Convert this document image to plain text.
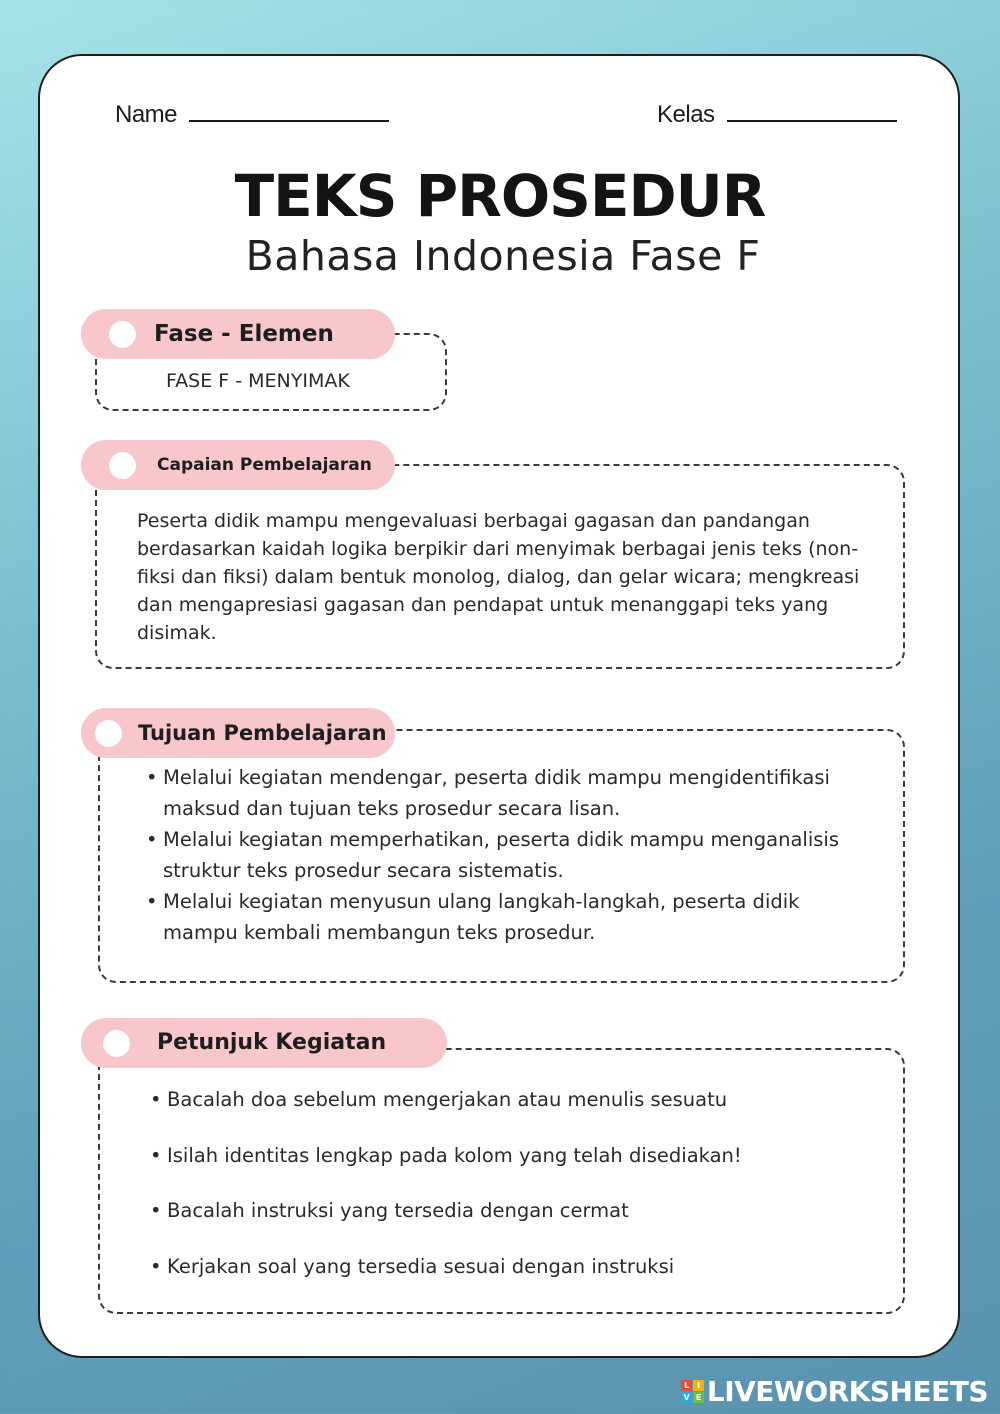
Name	Kelas
TEKS PROSEDUR
Bahasa Indonesia Fase F
Fase - Elemen
FASE F - MENYIMAK
Capaian Pembelajaran

Peserta didik mampu mengevaluasi berbagai gagasan dan pandangan berdasarkan kaidah logika berpikir dari menyimak berbagai jenis teks (non-fiksi dan fiksi) dalam bentuk monolog, dialog, dan gelar wicara; mengkreasi dan mengapresiasi gagasan dan pendapat untuk menanggapi teks yang disimak.

Tujuan Pembelajaran
• Melalui kegiatan mendengar, peserta didik mampu mengidentifikasi maksud dan tujuan teks prosedur secara lisan.
• Melalui kegiatan memperhatikan, peserta didik mampu menganalisis struktur teks prosedur secara sistematis.
• Melalui kegiatan menyusun ulang langkah-langkah, peserta didik mampu kembali membangun teks prosedur.
Petunjuk Kegiatan
• Bacalah doa sebelum mengerjakan atau menulis sesuatu
• Isilah identitas lengkap pada kolom yang telah disediakan!
• Bacalah instruksi yang tersedia dengan cermat
• Kerjakan soal yang tersedia sesuai dengan instruksi
L	I
V E LIVEWORKSHEETS
